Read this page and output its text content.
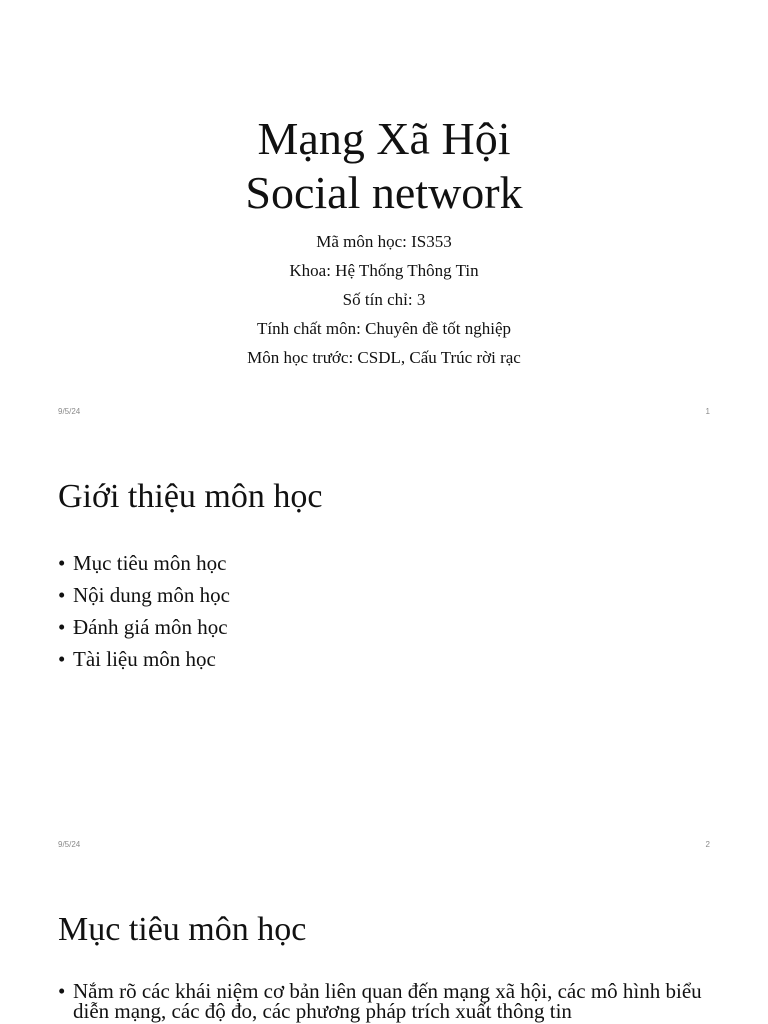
Mạng Xã Hội
Social network
Mã môn học: IS353
Khoa: Hệ Thống Thông Tin
Số tín chỉ: 3
Tính chất môn: Chuyên đề tốt nghiệp
Môn học trước: CSDL, Cấu Trúc rời rạc
9/5/24	1
Giới thiệu môn học
• Mục tiêu môn học
• Nội dung môn học
• Đánh giá môn học
• Tài liệu môn học
9/5/24	2
Mục tiêu môn học
• Nắm rõ các khái niệm cơ bản liên quan đến mạng xã hội, các mô hình biểu diễn mạng, các độ đo, các phương pháp trích xuất thông tin
